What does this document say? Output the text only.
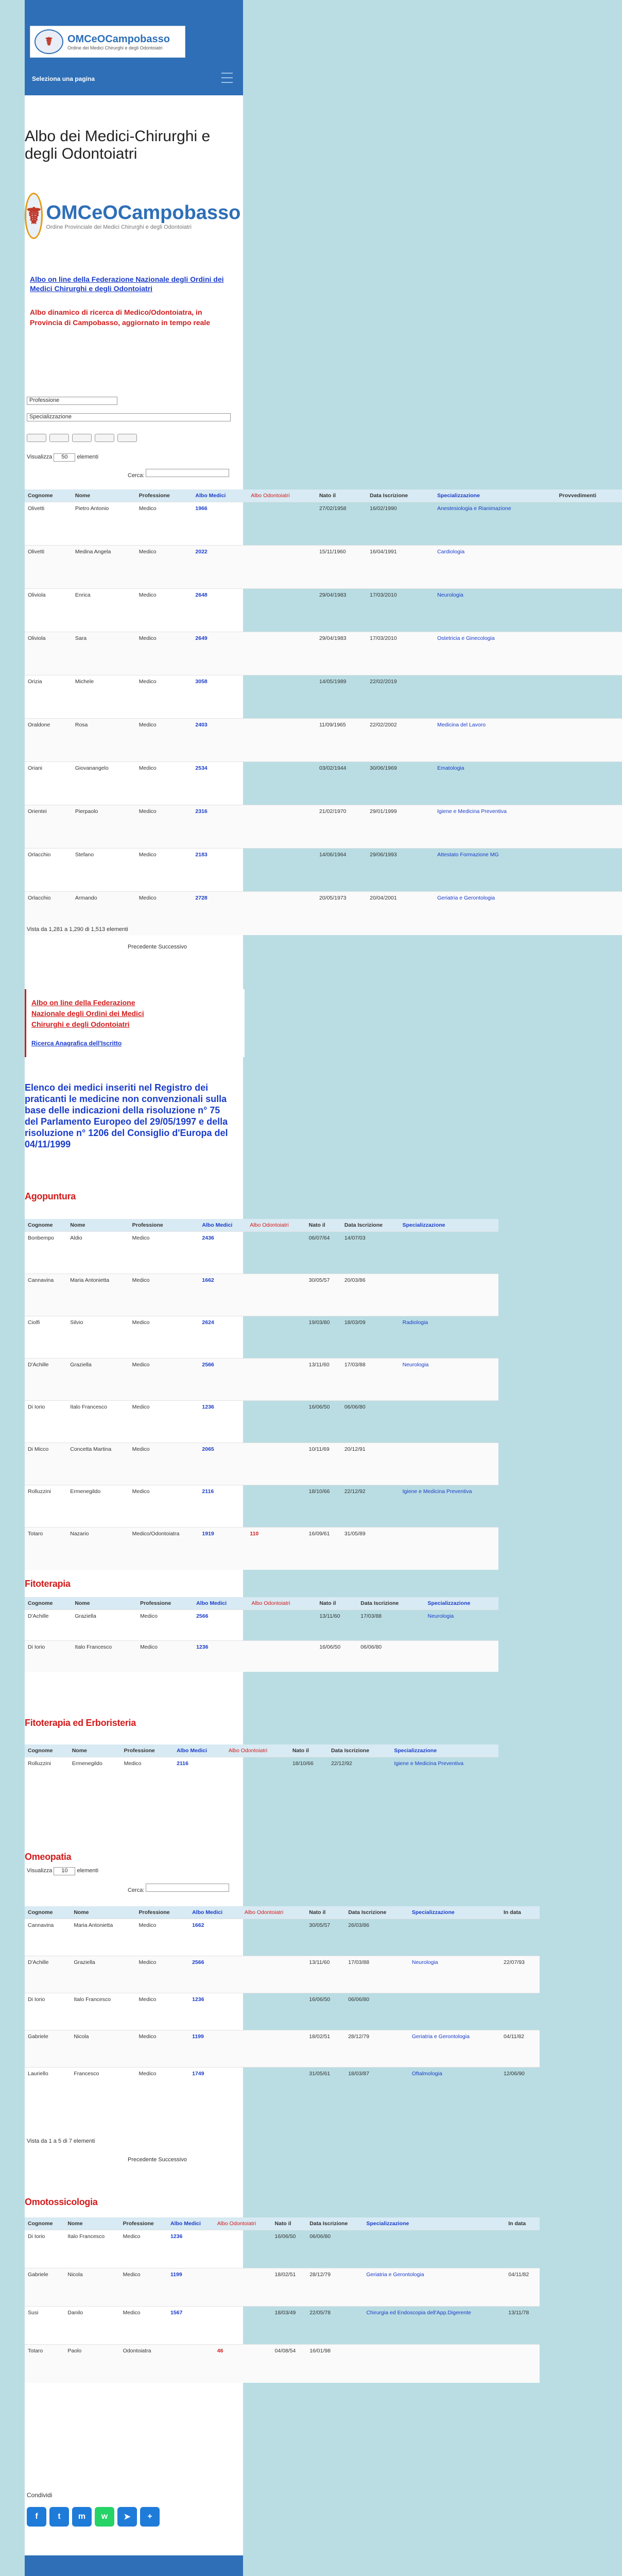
☤	OMCeOCampobasso
Ordine dei Medici Chirurghi e degli Odontoiatri
Seleziona una pagina
Albo dei Medici-Chirurghi e degli Odontoiatri
☤ OMCeOCampobasso
Ordine Provinciale dei Medici Chirurghi e degli Odontoiatri
Albo on line della Federazione Nazionale degli Ordini dei Medici Chirurghi e degli Odontoiatri
Albo dinamico di ricerca di Medico/Odontoiatra, in Provincia di Campobasso, aggiornato in tempo reale
Professione
Specializzazione
Visualizza 50 elementi
Cerca:
Cognome	Nome	Professione	Albo Medici	Albo Odontoiatri	Nato il	Data Iscrizione	Specializzazione	Provvedimenti
Olivetti	Pietro Antonio	Medico	1966		27/02/1958	16/02/1990	Anestesiologia e Rianimazione	
Olivetti	Medina Angela	Medico	2022		15/11/1960	16/04/1991	Cardiologia	
Oliviola	Enrica	Medico	2648		29/04/1983	17/03/2010	Neurologia	
Oliviola	Sara	Medico	2649		29/04/1983	17/03/2010	Ostetricia e Ginecologia	
Orizia	Michele	Medico	3058		14/05/1989	22/02/2019		
Oraldone	Rosa	Medico	2403		11/09/1965	22/02/2002	Medicina del Lavoro	
Oriani	Giovanangelo	Medico	2534		03/02/1944	30/06/1969	Ematologia	
Orientei	Pierpaolo	Medico	2316		21/02/1970	29/01/1999	Igiene e Medicina Preventiva	
Orlacchio	Stefano	Medico	2183		14/06/1964	29/06/1993	Attestato Formazione MG	
Orlacchio	Armando	Medico	2728		20/05/1973	20/04/2001	Geriatria e Gerontologia	
Vista da 1,281 a 1,290 di 1,513 elementi
Precedente Successivo
Albo on line della Federazione Nazionale degli Ordini dei Medici Chirurghi e degli Odontoiatri
Ricerca Anagrafica dell'Iscritto
Elenco dei medici inseriti nel Registro dei praticanti le medicine non convenzionali sulla base delle indicazioni della risoluzione n° 75 del Parlamento Europeo del 29/05/1997 e della risoluzione n° 1206 del Consiglio d'Europa del 04/11/1999
Agopuntura
Cognome	Nome	Professione	Albo Medici	Albo Odontoiatri	Nato il	Data Iscrizione	Specializzazione
Bonbempo	Aldio	Medico	2436		06/07/64	14/07/03	
Cannavina	Maria Antonietta	Medico	1662		30/05/57	20/03/86	
Ciolfi	Silvio	Medico	2624		19/03/80	18/03/09	Radiologia
D'Achille	Graziella	Medico	2566		13/11/60	17/03/88	Neurologia
Di Iorio	Italo Francesco	Medico	1236		16/06/50	06/06/80	
Di Micco	Concetta Martina	Medico	2065		10/11/69	20/12/91	
Rolluzzini	Ermenegildo	Medico	2116		18/10/66	22/12/92	Igiene e Medicina Preventiva
Totaro	Nazario	Medico/Odontoiatra	1919	110	16/09/61	31/05/89	
Fitoterapia
Cognome	Nome	Professione	Albo Medici	Albo Odontoiatri	Nato il	Data Iscrizione	Specializzazione
D'Achille	Graziella	Medico	2566		13/11/60	17/03/88	Neurologia
Di Iorio	Italo Francesco	Medico	1236		16/06/50	06/06/80	
Fitoterapia ed Erboristeria
Cognome	Nome	Professione	Albo Medici	Albo Odontoiatri	Nato il	Data Iscrizione	Specializzazione
Rolluzzini	Ermenegildo	Medico	2116		18/10/66	22/12/92	Igiene e Medicina Preventiva
Omeopatia
Visualizza 10 elementi
Cerca:
Cognome	Nome	Professione	Albo Medici	Albo Odontoiatri	Nato il	Data Iscrizione	Specializzazione	In data
Cannavina	Maria Antonietta	Medico	1662		30/05/57	26/03/86		
D'Achille	Graziella	Medico	2566		13/11/60	17/03/88	Neurologia	22/07/93
Di Iorio	Italo Francesco	Medico	1236		16/06/50	06/06/80		
Gabriele	Nicola	Medico	1199		18/02/51	28/12/79	Geriatria e Gerontologia	04/11/82
Lauriello	Francesco	Medico	1749		31/05/61	18/03/87	Oftalmologia	12/06/90
Vista da 1 a 5 di 7 elementi
Precedente Successivo
Omotossicologia
Cognome	Nome	Professione	Albo Medici	Albo Odontoiatri	Nato il	Data Iscrizione	Specializzazione	In data
Di Iorio	Italo Francesco	Medico	1236		16/06/50	06/06/80		
Gabriele	Nicola	Medico	1199		18/02/51	28/12/79	Geriatria e Gerontologia	04/11/82
Susi	Danilo	Medico	1567		18/03/49	22/05/78	Chirurgia ed Endoscopia dell'App.Digerente	13/11/78
Totaro	Paolo	Odontoiatra		46	04/08/54	16/01/98		
Condividi
f	t	m	w	➤	+
